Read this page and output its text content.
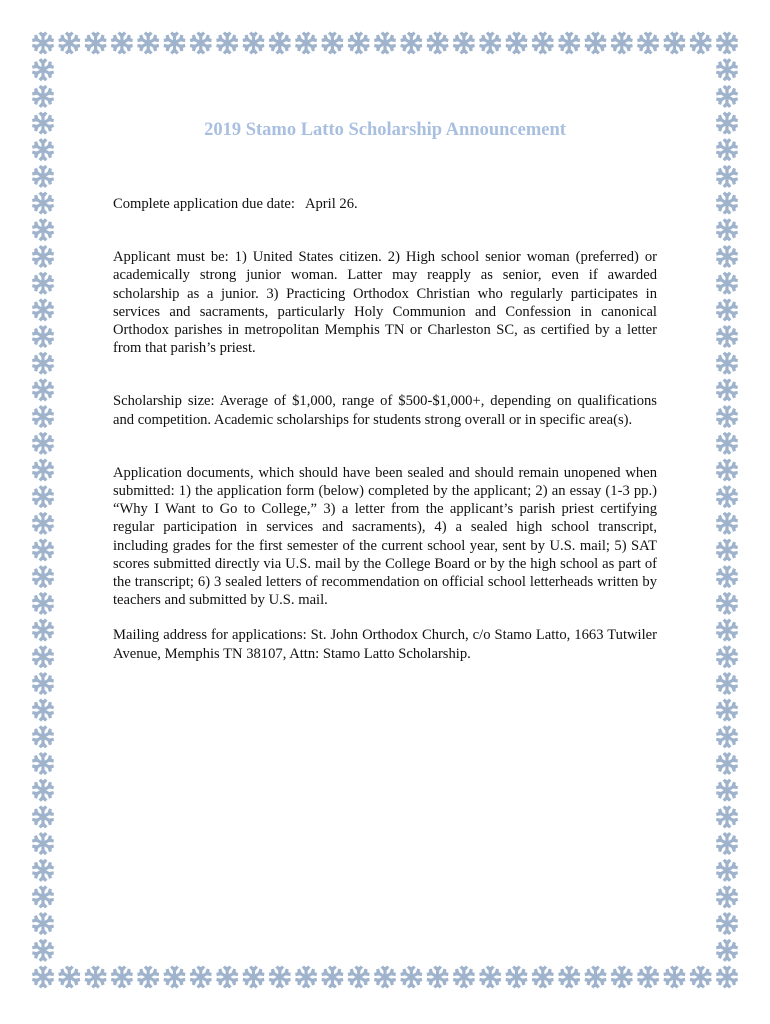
2019 Stamo Latto Scholarship Announcement

Complete application due date: April 26.

Applicant must be: 1) United States citizen. 2) High school senior woman (preferred) or academically strong junior woman. Latter may reapply as senior, even if awarded scholarship as a junior. 3) Practicing Orthodox Christian who regularly participates in services and sacraments, particularly Holy Communion and Confession in canonical Orthodox parishes in metropolitan Memphis TN or Charleston SC, as certified by a letter from that parish’s priest.

Scholarship size: Average of $1,000, range of $500-$1,000+, depending on qualifications and competition. Academic scholarships for students strong overall or in specific area(s).

Application documents, which should have been sealed and should remain unopened when submitted: 1) the application form (below) completed by the applicant; 2) an essay (1-3 pp.) “Why I Want to Go to College,” 3) a letter from the applicant’s parish priest certifying regular participation in services and sacraments), 4) a sealed high school transcript, including grades for the first semester of the current school year, sent by U.S. mail; 5) SAT scores submitted directly via U.S. mail by the College Board or by the high school as part of the transcript; 6) 3 sealed letters of recommendation on official school letterheads written by teachers and submitted by U.S. mail.

Mailing address for applications: St. John Orthodox Church, c/o Stamo Latto, 1663 Tutwiler Avenue, Memphis TN 38107, Attn: Stamo Latto Scholarship.
